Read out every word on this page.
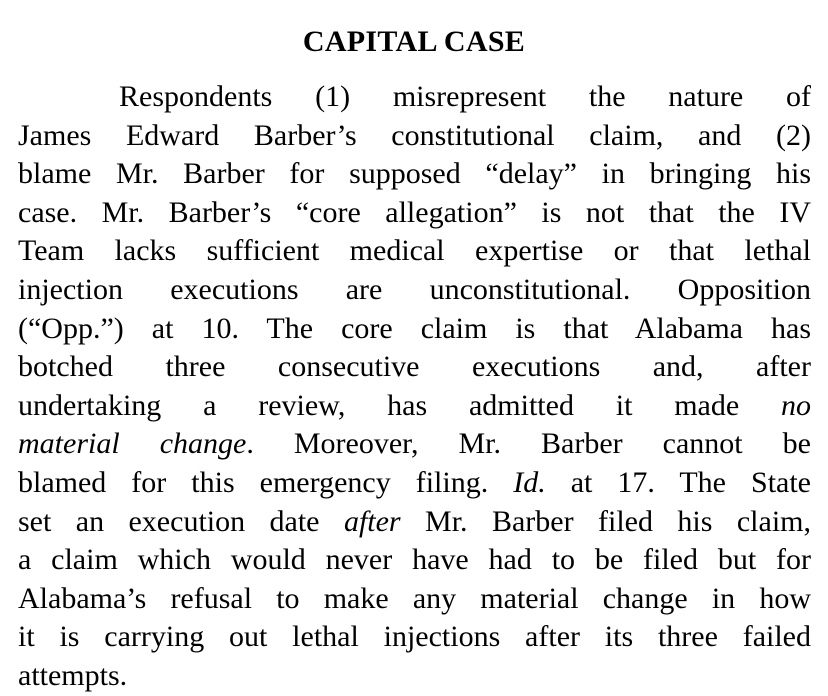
CAPITAL CASE
Respondents (1) misrepresent the nature of
James Edward Barber’s constitutional claim, and (2)
blame Mr. Barber for supposed “delay” in bringing his
case. Mr. Barber’s “core allegation” is not that the IV
Team lacks sufficient medical expertise or that lethal
injection executions are unconstitutional. Opposition
(“Opp.”) at 10. The core claim is that Alabama has
botched three consecutive executions and, after
undertaking a review, has admitted it made no
material change. Moreover, Mr. Barber cannot be
blamed for this emergency filing. Id. at 17. The State
set an execution date after Mr. Barber filed his claim,
a claim which would never have had to be filed but for
Alabama’s refusal to make any material change in how
it is carrying out lethal injections after its three failed
attempts.
